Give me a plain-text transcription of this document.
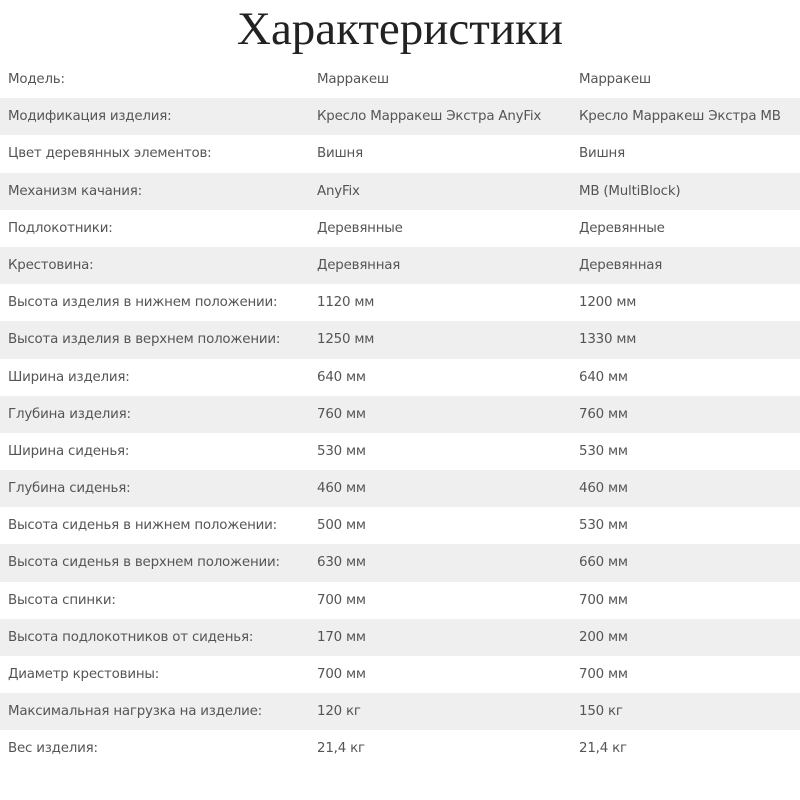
Характеристики
Модель:	Марракеш	Марракеш
Модификация изделия:	Кресло Марракеш Экстра AnyFix	Кресло Марракеш Экстра MB
Цвет деревянных элементов:	Вишня	Вишня
Механизм качания:	AnyFix	MB (MultiBlock)
Подлокотники:	Деревянные	Деревянные
Крестовина:	Деревянная	Деревянная
Высота изделия в нижнем положении:	1120 мм	1200 мм
Высота изделия в верхнем положении:	1250 мм	1330 мм
Ширина изделия:	640 мм	640 мм
Глубина изделия:	760 мм	760 мм
Ширина сиденья:	530 мм	530 мм
Глубина сиденья:	460 мм	460 мм
Высота сиденья в нижнем положении:	500 мм	530 мм
Высота сиденья в верхнем положении:	630 мм	660 мм
Высота спинки:	700 мм	700 мм
Высота подлокотников от сиденья:	170 мм	200 мм
Диаметр крестовины:	700 мм	700 мм
Максимальная нагрузка на изделие:	120 кг	150 кг
Вес изделия:	21,4 кг	21,4 кг
